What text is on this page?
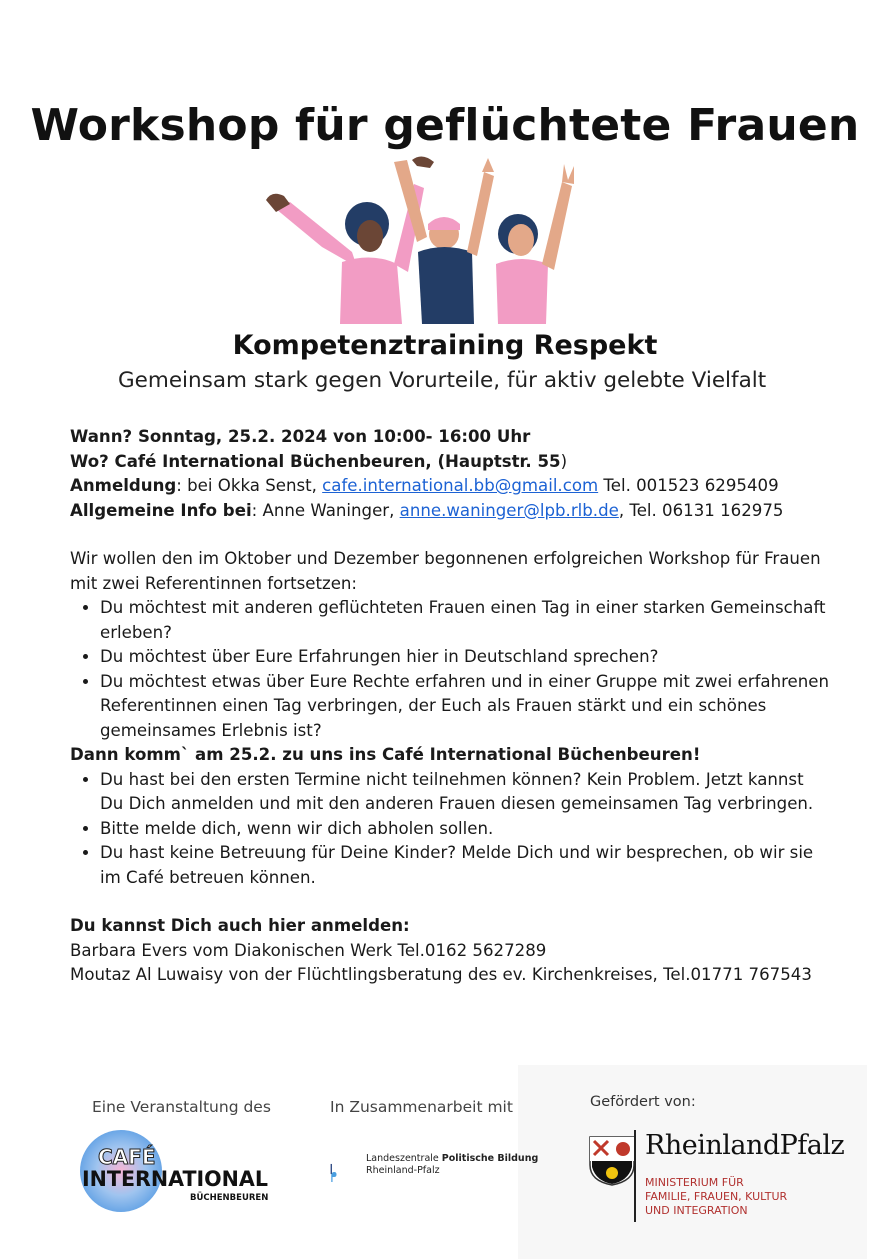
Workshop für geflüchtete Frauen
Kompetenztraining Respekt
Gemeinsam stark gegen Vorurteile, für aktiv gelebte Vielfalt

Wann? Sonntag, 25.2. 2024 von 10:00- 16:00 Uhr

Wo? Café International Büchenbeuren, (Hauptstr. 55)

Anmeldung: bei Okka Senst, cafe.international.bb@gmail.com Tel. 001523 6295409

Allgemeine Info bei: Anne Waninger, anne.waninger@lpb.rlb.de, Tel. 06131 162975

Wir wollen den im Oktober und Dezember begonnenen erfolgreichen Workshop für Frauen mit zwei Referentinnen fortsetzen:

• Du möchtest mit anderen geflüchteten Frauen einen Tag in einer starken Gemeinschaft erleben?
• Du möchtest über Eure Erfahrungen hier in Deutschland sprechen?
• Du möchtest etwas über Eure Rechte erfahren und in einer Gruppe mit zwei erfahrenen Referentinnen einen Tag verbringen, der Euch als Frauen stärkt und ein schönes gemeinsames Erlebnis ist?

Dann komm` am 25.2. zu uns ins Café International Büchenbeuren!

• Du hast bei den ersten Termine nicht teilnehmen können? Kein Problem. Jetzt kannst Du Dich anmelden und mit den anderen Frauen diesen gemeinsamen Tag verbringen.
• Bitte melde dich, wenn wir dich abholen sollen.
• Du hast keine Betreuung für Deine Kinder? Melde Dich und wir besprechen, ob wir sie im Café betreuen können.

Du kannst Dich auch hier anmelden:

Barbara Evers vom Diakonischen Werk Tel.0162 5627289

Moutaz Al Luwaisy von der Flüchtlingsberatung des ev. Kirchenkreises, Tel.01771 767543

Eine Veranstaltung des	In Zusammenarbeit mit	Gefördert von:
CAFÉ
INTERNATIONAL
BÜCHENBEUREN
Landeszentrale Politische Bildung
Rheinland-Pfalz
RheinlandPfalz
MINISTERIUM FÜR
FAMILIE, FRAUEN, KULTUR
UND INTEGRATION
